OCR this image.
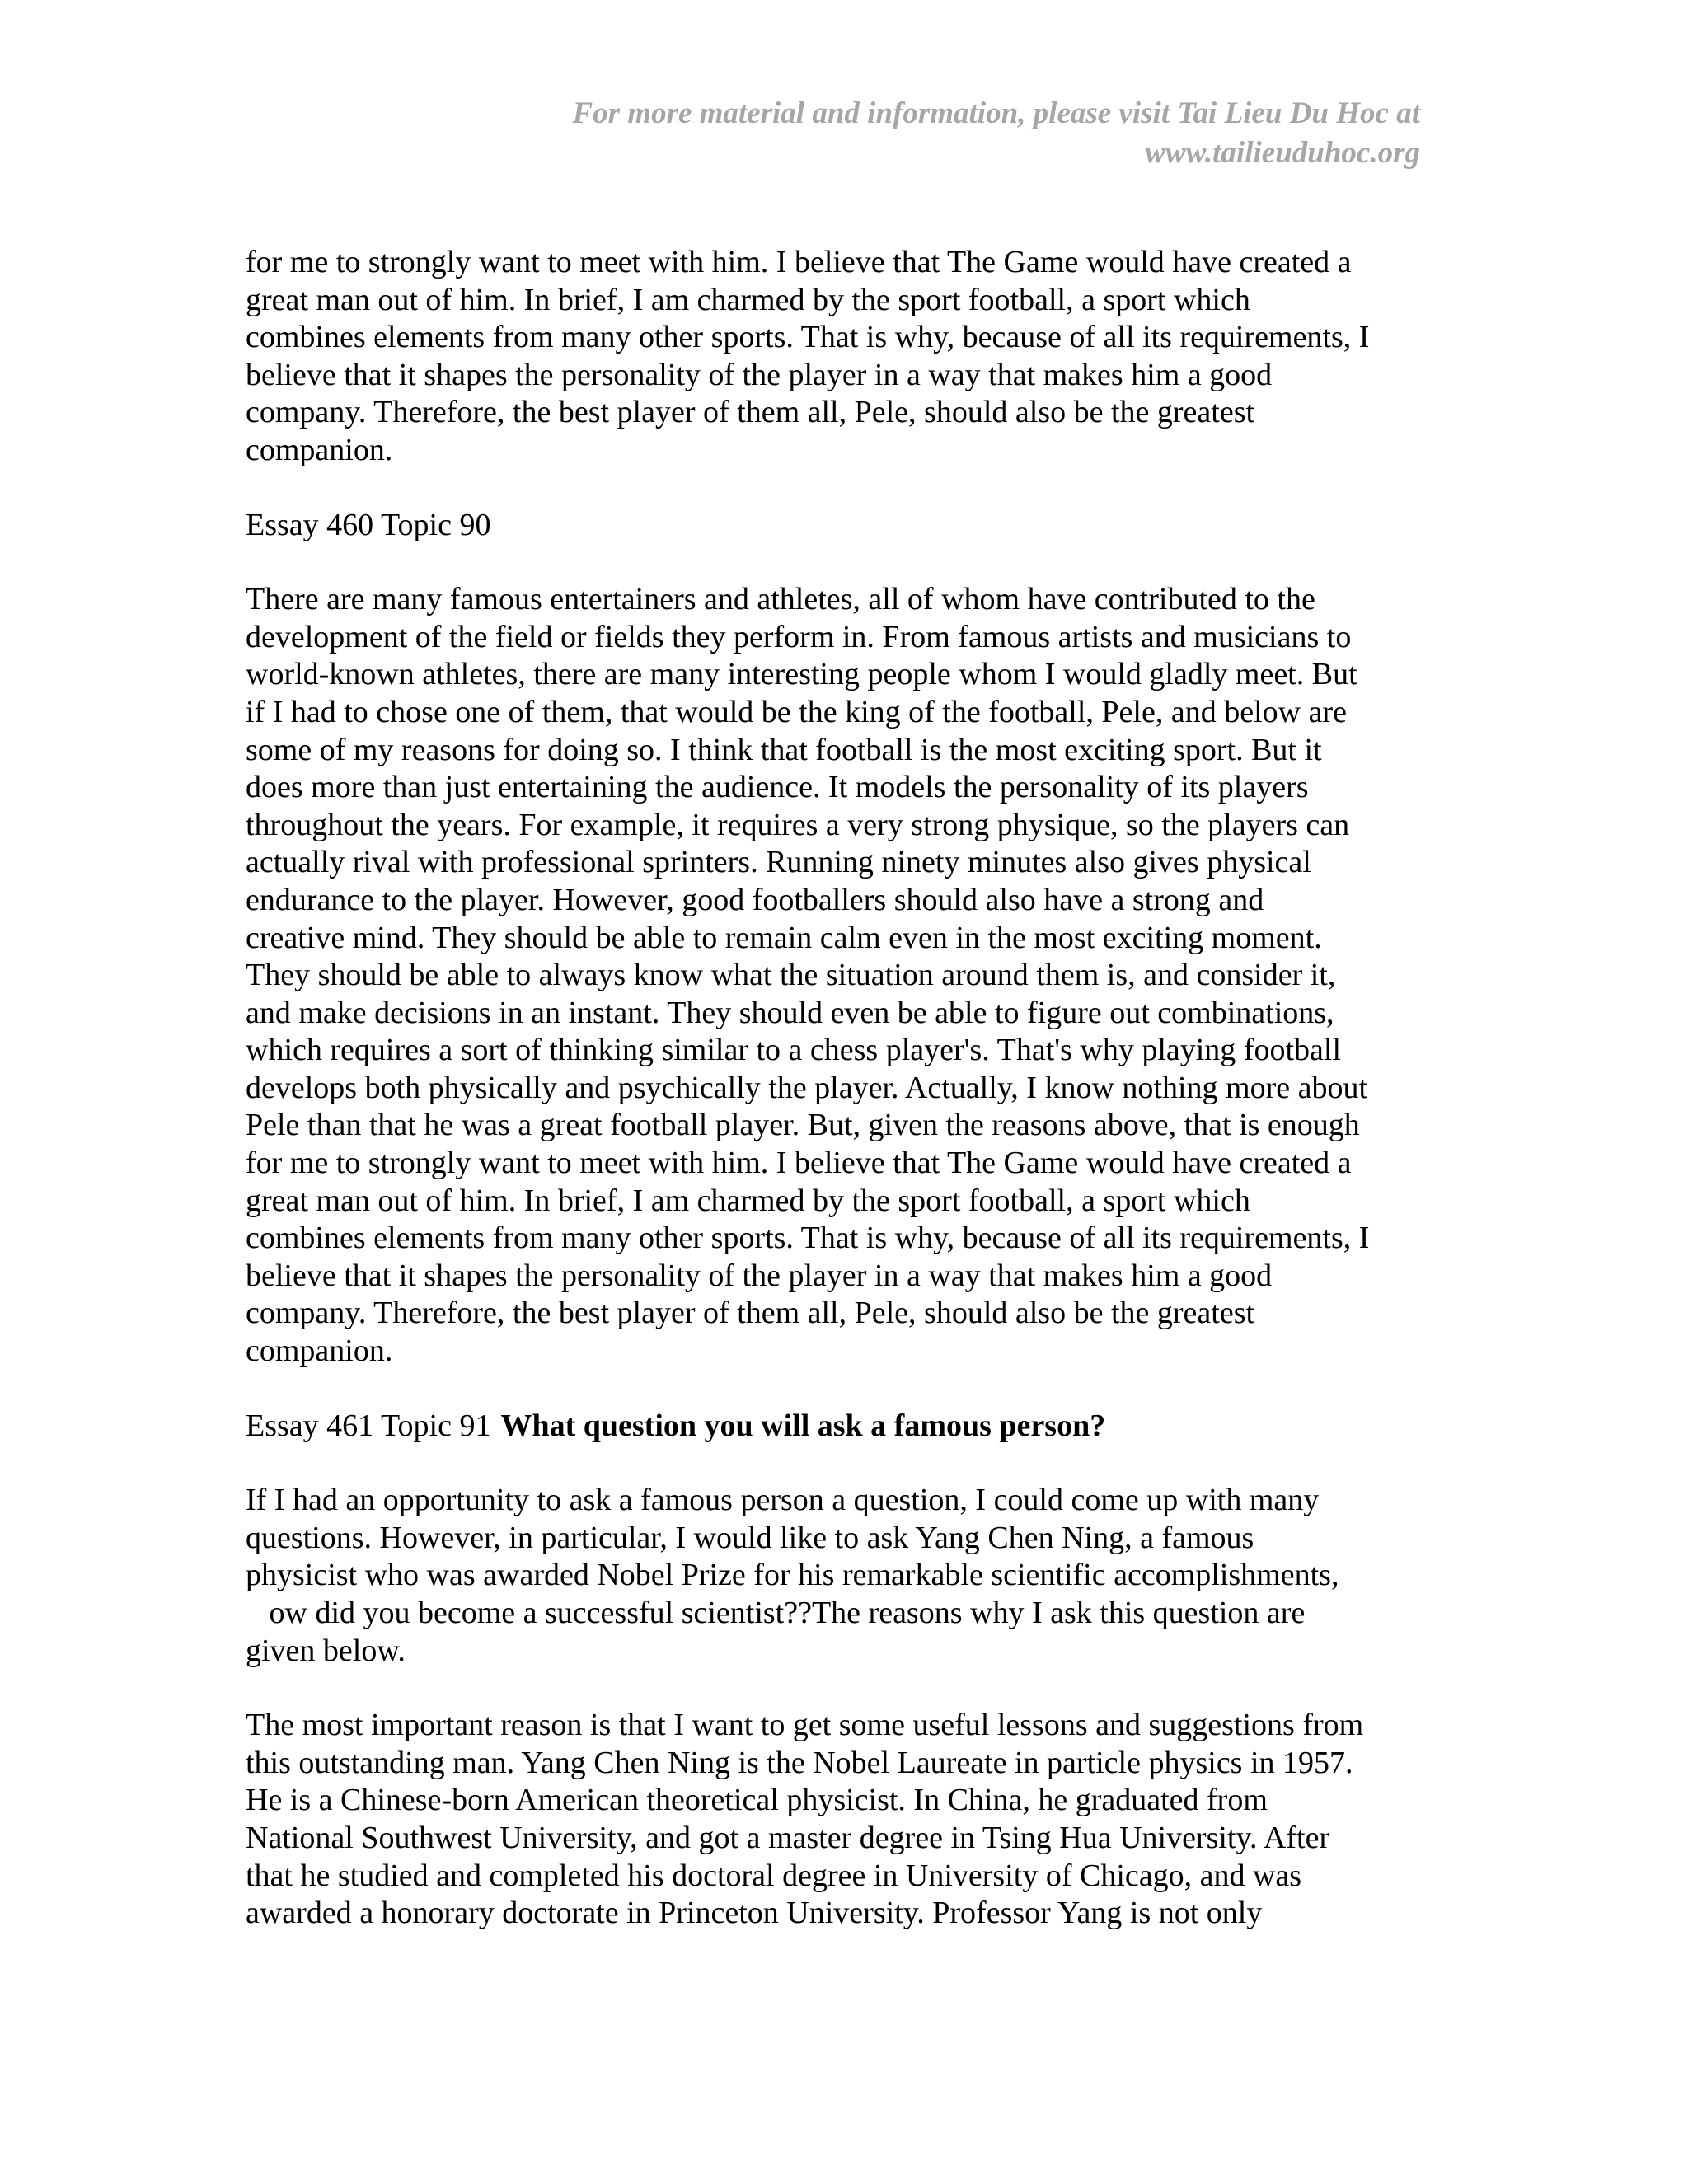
For more material and information, please visit Tai Lieu Du Hoc at
www.tailieuduhoc.org
for me to strongly want to meet with him. I believe that The Game would have created a
great man out of him. In brief, I am charmed by the sport football, a sport which
combines elements from many other sports. That is why, because of all its requirements, I
believe that it shapes the personality of the player in a way that makes him a good
company. Therefore, the best player of them all, Pele, should also be the greatest
companion.
Essay 460 Topic 90
There are many famous entertainers and athletes, all of whom have contributed to the
development of the field or fields they perform in. From famous artists and musicians to
world-known athletes, there are many interesting people whom I would gladly meet. But
if I had to chose one of them, that would be the king of the football, Pele, and below are
some of my reasons for doing so. I think that football is the most exciting sport. But it
does more than just entertaining the audience. It models the personality of its players
throughout the years. For example, it requires a very strong physique, so the players can
actually rival with professional sprinters. Running ninety minutes also gives physical
endurance to the player. However, good footballers should also have a strong and
creative mind. They should be able to remain calm even in the most exciting moment.
They should be able to always know what the situation around them is, and consider it,
and make decisions in an instant. They should even be able to figure out combinations,
which requires a sort of thinking similar to a chess player's. That's why playing football
develops both physically and psychically the player. Actually, I know nothing more about
Pele than that he was a great football player. But, given the reasons above, that is enough
for me to strongly want to meet with him. I believe that The Game would have created a
great man out of him. In brief, I am charmed by the sport football, a sport which
combines elements from many other sports. That is why, because of all its requirements, I
believe that it shapes the personality of the player in a way that makes him a good
company. Therefore, the best player of them all, Pele, should also be the greatest
companion.
Essay 461 Topic 91 What question you will ask a famous person?
If I had an opportunity to ask a famous person a question, I could come up with many
questions. However, in particular, I would like to ask Yang Chen Ning, a famous
physicist who was awarded Nobel Prize for his remarkable scientific accomplishments,
ow did you become a successful scientist??The reasons why I ask this question are
given below.
The most important reason is that I want to get some useful lessons and suggestions from
this outstanding man. Yang Chen Ning is the Nobel Laureate in particle physics in 1957.
He is a Chinese-born American theoretical physicist. In China, he graduated from
National Southwest University, and got a master degree in Tsing Hua University. After
that he studied and completed his doctoral degree in University of Chicago, and was
awarded a honorary doctorate in Princeton University. Professor Yang is not only
